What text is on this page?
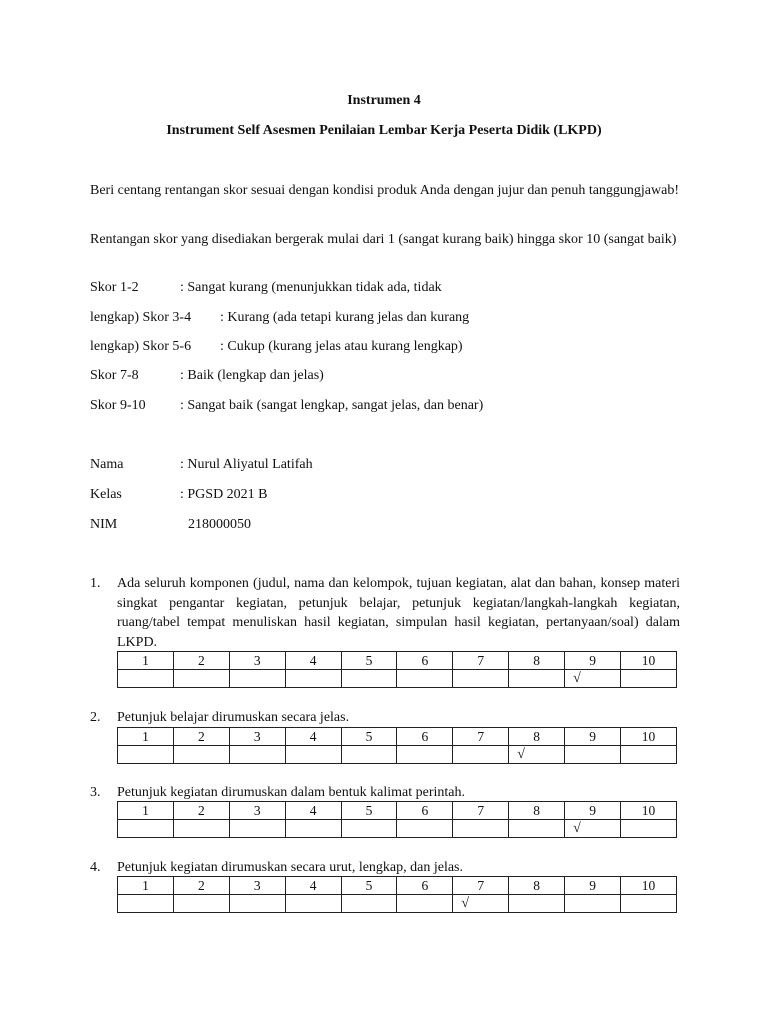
Instrumen 4
Instrument Self Asesmen Penilaian Lembar Kerja Peserta Didik (LKPD)
Beri centang rentangan skor sesuai dengan kondisi produk Anda dengan jujur dan penuh tanggungjawab!
Rentangan skor yang disediakan bergerak mulai dari 1 (sangat kurang baik) hingga skor 10 (sangat baik)
Skor 1-2	: Sangat kurang (menunjukkan tidak ada, tidak
lengkap) Skor 3-4 : Kurang (ada tetapi kurang jelas dan kurang
lengkap) Skor 5-6 : Cukup (kurang jelas atau kurang lengkap)
Skor 7-8	: Baik (lengkap dan jelas)
Skor 9-10 : Sangat baik (sangat lengkap, sangat jelas, dan benar)
Nama	: Nurul Aliyatul Latifah
Kelas	: PGSD 2021 B
NIM	218000050
1. Ada seluruh komponen (judul, nama dan kelompok, tujuan kegiatan, alat dan bahan, konsep materi singkat pengantar kegiatan, petunjuk belajar, petunjuk kegiatan/langkah-langkah kegiatan, ruang/tabel tempat menuliskan hasil kegiatan, simpulan hasil kegiatan, pertanyaan/soal) dalam LKPD.
1	2	3	4	5	6	7	8	9	10
								√	
2. Petunjuk belajar dirumuskan secara jelas.
1	2	3	4	5	6	7	8	9	10
							√		
3. Petunjuk kegiatan dirumuskan dalam bentuk kalimat perintah.
1	2	3	4	5	6	7	8	9	10
								√	
4. Petunjuk kegiatan dirumuskan secara urut, lengkap, dan jelas.
1	2	3	4	5	6	7	8	9	10
						√			
